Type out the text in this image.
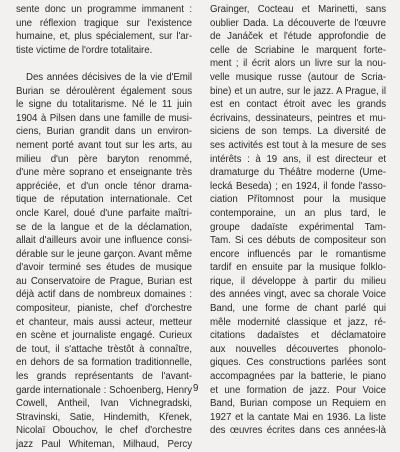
sente donc un programme immanent :
une réflexion tragique sur l'existence
humaine, et, plus spécialement, sur l'ar-
tiste victime de l'ordre totalitaire.
Des années décisives de la vie d'Emil
Burian se déroulèrent également sous
le signe du totalitarisme. Né le 11 juin
1904 à Pilsen dans une famille de musi-
ciens, Burian grandit dans un environ-
nement porté avant tout sur les arts, au
milieu d'un père baryton renommé,
d'une mère soprano et enseignante très
appréciée, et d'un oncle ténor drama-
tique de réputation internationale. Cet
oncle Karel, doué d'une parfaite maîtri-
se de la langue et de la déclamation,
allait d'ailleurs avoir une influence consi-
dérable sur le jeune garçon. Avant même
d'avoir terminé ses études de musique
au Conservatoire de Prague, Burian est
déjà actif dans de nombreux domaines :
compositeur, pianiste, chef d'orchestre
et chanteur, mais aussi acteur, metteur
en scène et journaliste engagé. Curieux
de tout, il s'attache trèstôt à connaître,
en dehors de sa formation traditionnelle,
les grands représentants de l'avant-
garde internationale : Schoenberg, Henry
Cowell, Antheil, Ivan Vichnegradski,
Stravinski, Satie, Hindemith, Křenek,
Nicolaï Obouchov, le chef d'orchestre
jazz Paul Whiteman, Milhaud, Percy
Grainger, Cocteau et Marinetti, sans
oublier Dada. La découverte de l'œuvre
de Janáček et l'étude approfondie de
celle de Scriabine le marquent forte-
ment ; il écrit alors un livre sur la nou-
velle musique russe (autour de Scria-
bine) et un autre, sur le jazz. A Prague, il
est en contact étroit avec les grands
écrivains, dessinateurs, peintres et mu-
siciens de son temps. La diversité de
ses activités est tout à la mesure de ses
intérêts : à 19 ans, il est directeur et
dramaturge du Théâtre moderne (Ume-
lecká Beseda) ; en 1924, il fonde l'asso-
ciation Přítomnost pour la musique
contemporaine, un an plus tard, le
groupe dadaïste expérimental Tam-
Tam. Si ces débuts de compositeur son
encore influencés par le romantisme
tardif en ensuite par la musique folklo-
rique, il développe à partir du milieu
des années vingt, avec sa chorale Voice
Band, une forme de chant parlé qui
mêle modernité classique et jazz, ré-
citations dadaïstes et déclamatoire
aux nouvelles découvertes phonolo-
giques. Ces constructions parlées sont
accompagnées par la batterie, le piano
et une formation de jazz. Pour Voice
Band, Burian compose un Requiem en
1927 et la cantate Mai en 1936. La liste
des œuvres écrites dans ces années-là
9
